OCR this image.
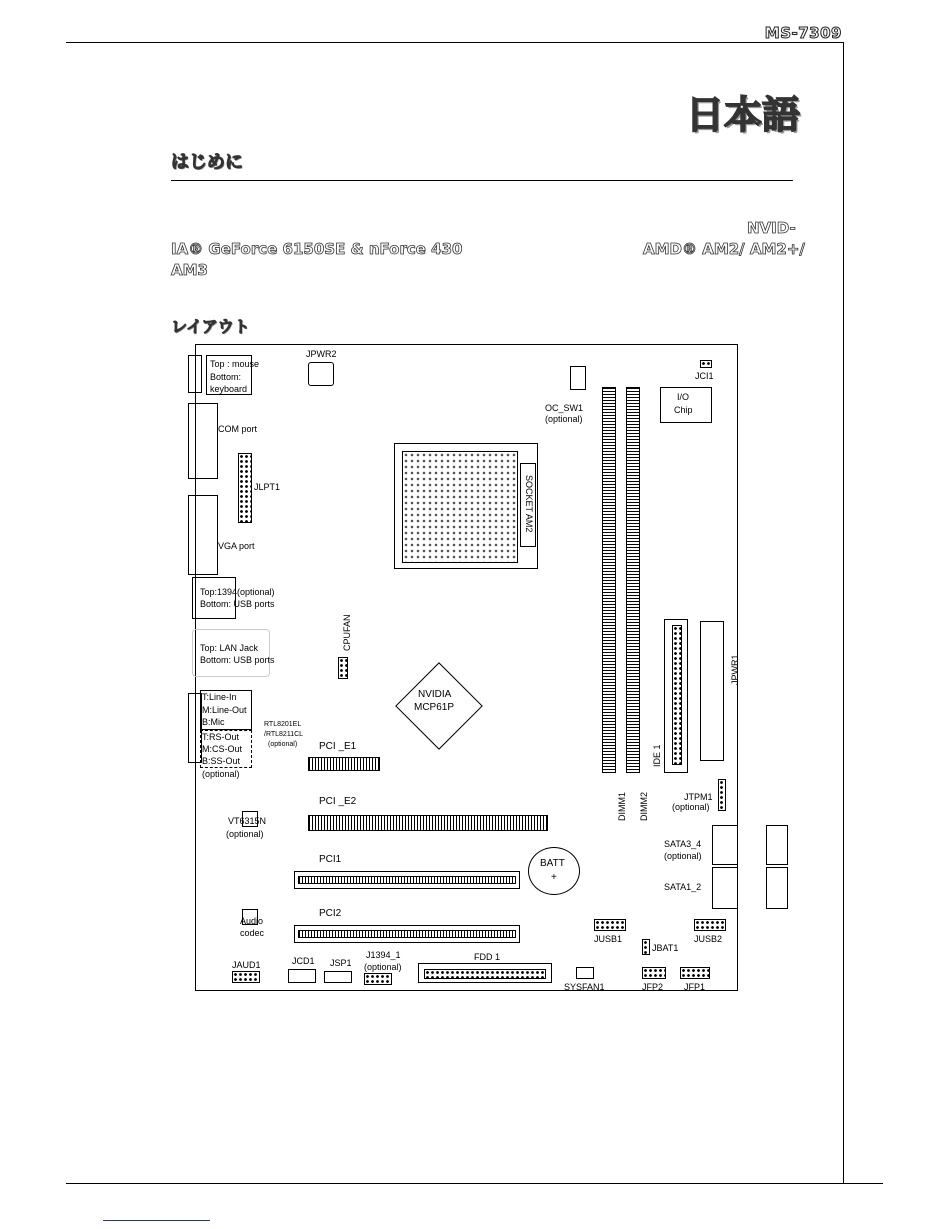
MS-7309
日本語
はじめに
NVID-
IA® GeForce 6150SE & nForce 430	AMD® AM2/ AM2+/
AM3
レイアウト
Top : mouse
Bottom:
keyboard
JPWR2
OC_SW1
(optional)
JCI1
I/O
Chip
COM port
JLPT1	SOCKET AM2
VGA port
Top:1394(optional)
Bottom: USB ports
CPUFAN
Top: LAN Jack
Bottom: USB ports
DIMM1 DIMM2
IDE 1
JPWR1
NVIDIA
MCP61P
T:Line-In
M:Line-Out
B:Mic
T:RS-Out
M:CS-Out
B:SS-Out
(optional)
RTL8201EL
/RTL8211CL
(optional) PCI _E1
JTPM1
(optional)
PCI _E2
VT6315N
(optional)
SATA3_4
(optional)
SATA1_2
BATT
+
PCI1
Audio
codec
PCI2
JUSB1	JUSB2
JBAT1
JAUD1	JCD1 JSP1
J1394_1
(optional)
FDD 1
SYSFAN1	JFP2 JFP1
